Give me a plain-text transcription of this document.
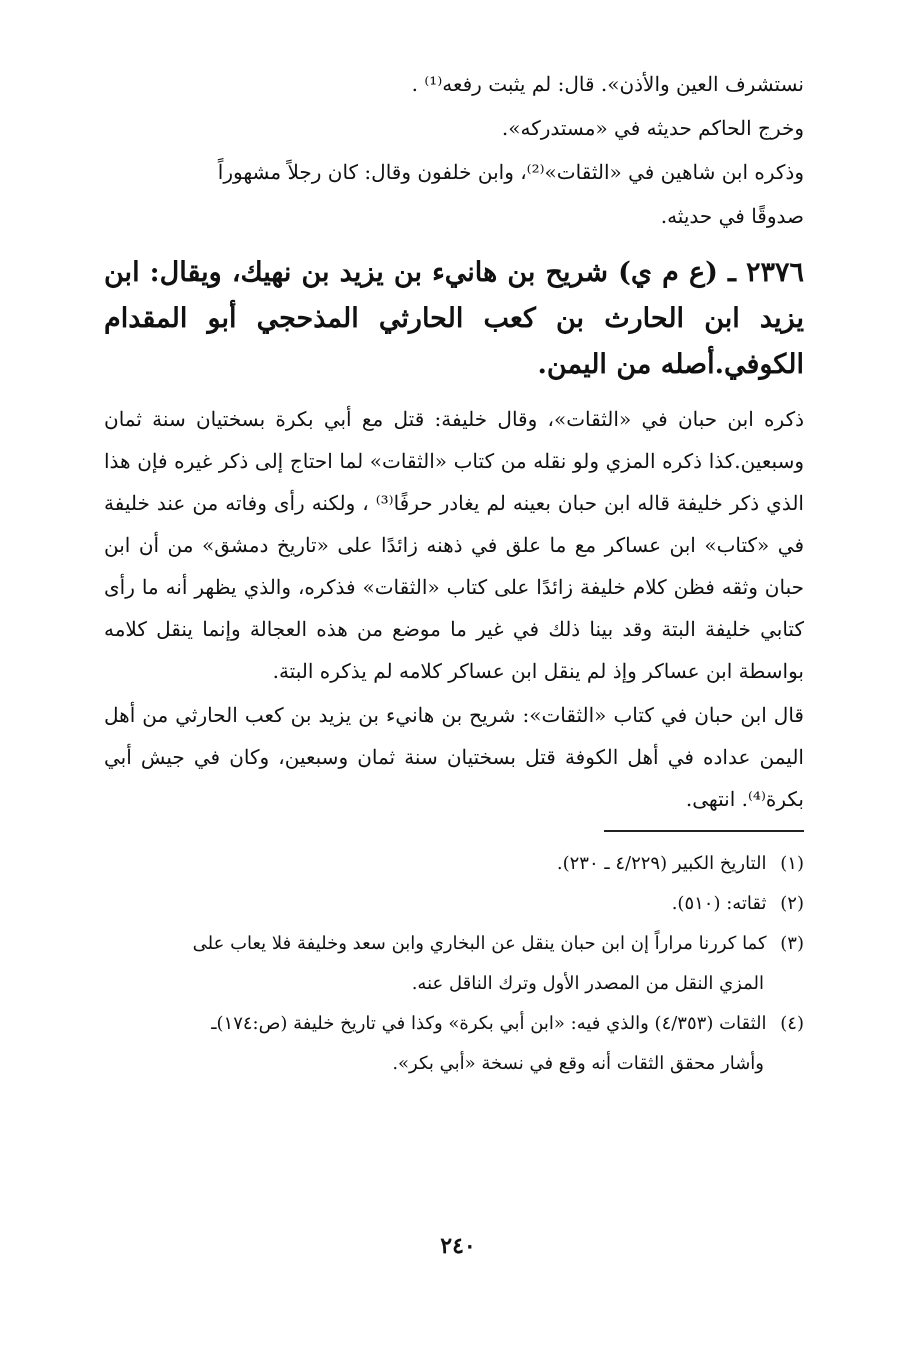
نستشرف العين والأذن». قال: لم يثبت رفعه⁽¹⁾ .

وخرج الحاكم حديثه في «مستدركه».

وذكره ابن شاهين في «الثقات»⁽²⁾، وابن خلفون وقال: كان رجلاً مشهوراً

صدوقًا في حديثه.

٢٣٧٦ ـ (ع م ي) شريح بن هانيء بن يزيد بن نهيك، ويقال: ابن يزيد ابن الحارث بن كعب الحارثي المذحجي أبو المقدام الكوفي.أصله من اليمن.

ذكره ابن حبان في «الثقات»، وقال خليفة: قتل مع أبي بكرة بسختيان سنة ثمان وسبعين.كذا ذكره المزي ولو نقله من كتاب «الثقات» لما احتاج إلى ذكر غيره فإن هذا الذي ذكر خليفة قاله ابن حبان بعينه لم يغادر حرفًا⁽³⁾ ، ولكنه رأى وفاته من عند خليفة في «كتاب» ابن عساكر مع ما علق في ذهنه زائدًا على «تاريخ دمشق» من أن ابن حبان وثقه فظن كلام خليفة زائدًا على كتاب «الثقات» فذكره، والذي يظهر أنه ما رأى كتابي خليفة البتة وقد بينا ذلك في غير ما موضع من هذه العجالة وإنما ينقل كلامه بواسطة ابن عساكر وإذ لم ينقل ابن عساكر كلامه لم يذكره البتة.

قال ابن حبان في كتاب «الثقات»: شريح بن هانيء بن يزيد بن كعب الحارثي من أهل اليمن عداده في أهل الكوفة قتل بسختيان سنة ثمان وسبعين، وكان في جيش أبي بكرة⁽⁴⁾. انتهى.

(١) التاريخ الكبير (٤/٢٢٩ ـ ٢٣٠).

(٢) ثقاته: (٥١٠).

(٣) كما كررنا مراراً إن ابن حبان ينقل عن البخاري وابن سعد وخليفة فلا يعاب على

المزي النقل من المصدر الأول وترك الناقل عنه.

(٤) الثقات (٤/٣٥٣) والذي فيه: «ابن أبي بكرة» وكذا في تاريخ خليفة (ص:١٧٤)ـ

وأشار محقق الثقات أنه وقع في نسخة «أبي بكر».

٢٤٠
